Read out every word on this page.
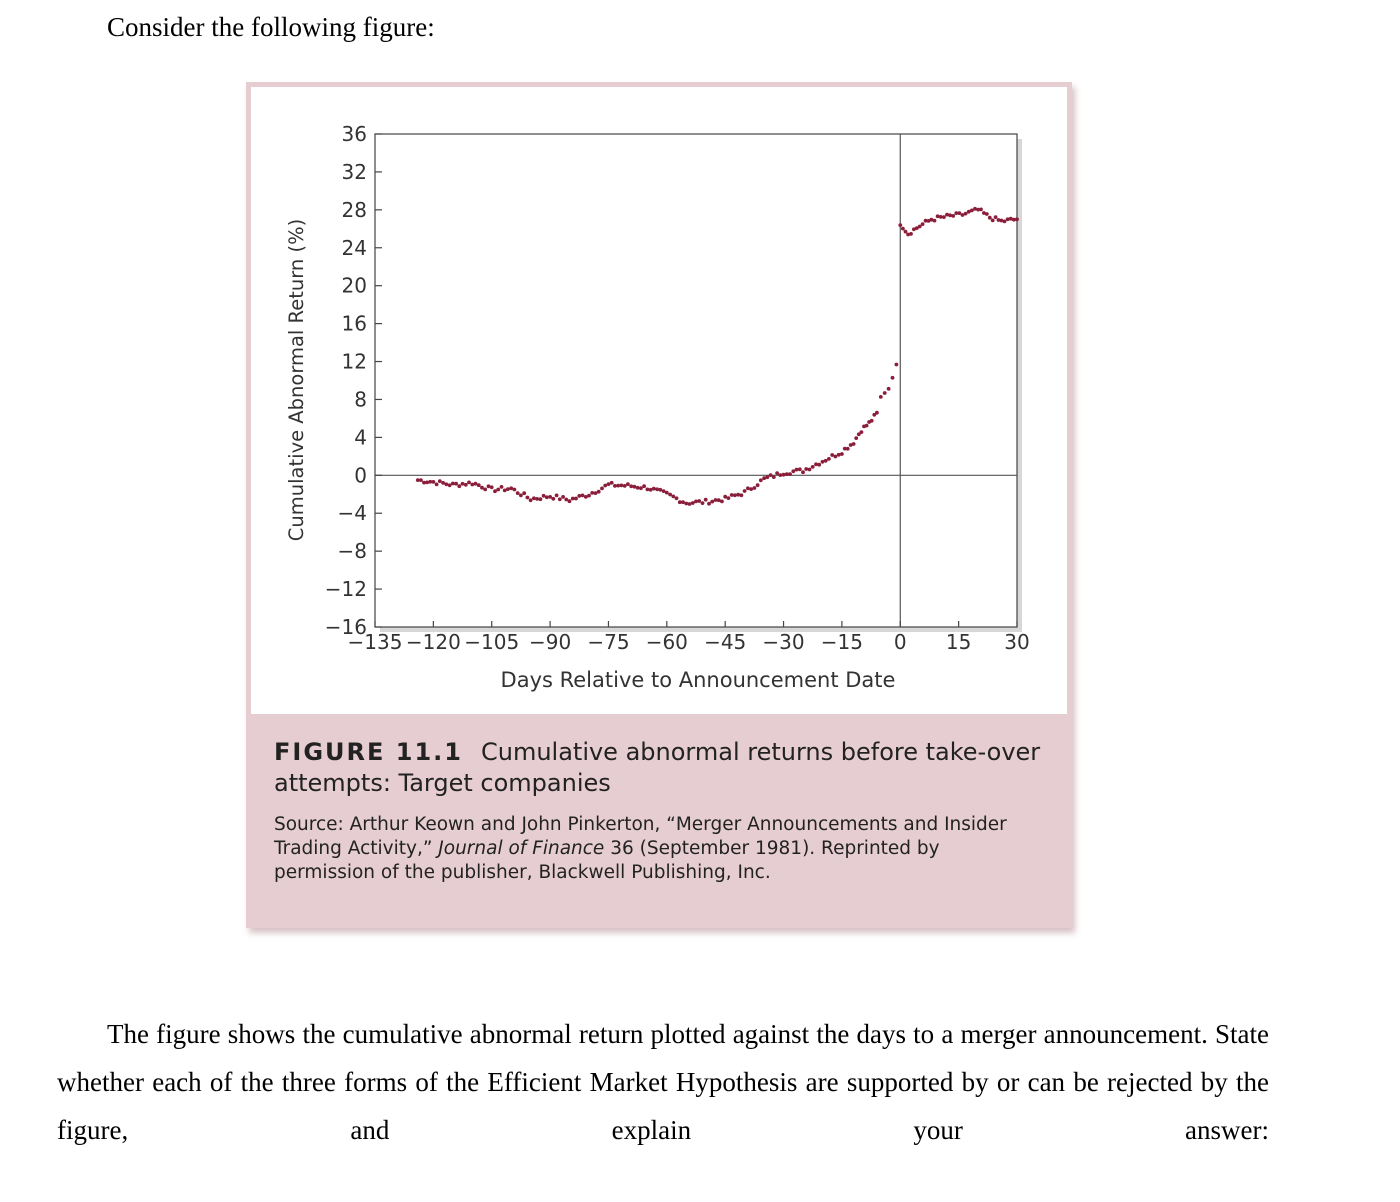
Consider the following figure:

36
32
28
24
20
16
12
8
4
0
−4
−8
−12
−16
−135 −120 −105 −90 −75 −60 −45 −30 −15 0 15 30
Cumulative Abnormal Return (%)
Days Relative to Announcement Date

FIGURE 11.1 Cumulative abnormal returns before take-over attempts: Target companies

Source: Arthur Keown and John Pinkerton, “Merger Announcements and Insider Trading Activity,” Journal of Finance 36 (September 1981). Reprinted by permission of the publisher, Blackwell Publishing, Inc.

The figure shows the cumulative abnormal return plotted against the days to a merger announcement. State whether each of the three forms of the Efficient Market Hypothesis are supported by or can be rejected by the figure, and explain your answer:
